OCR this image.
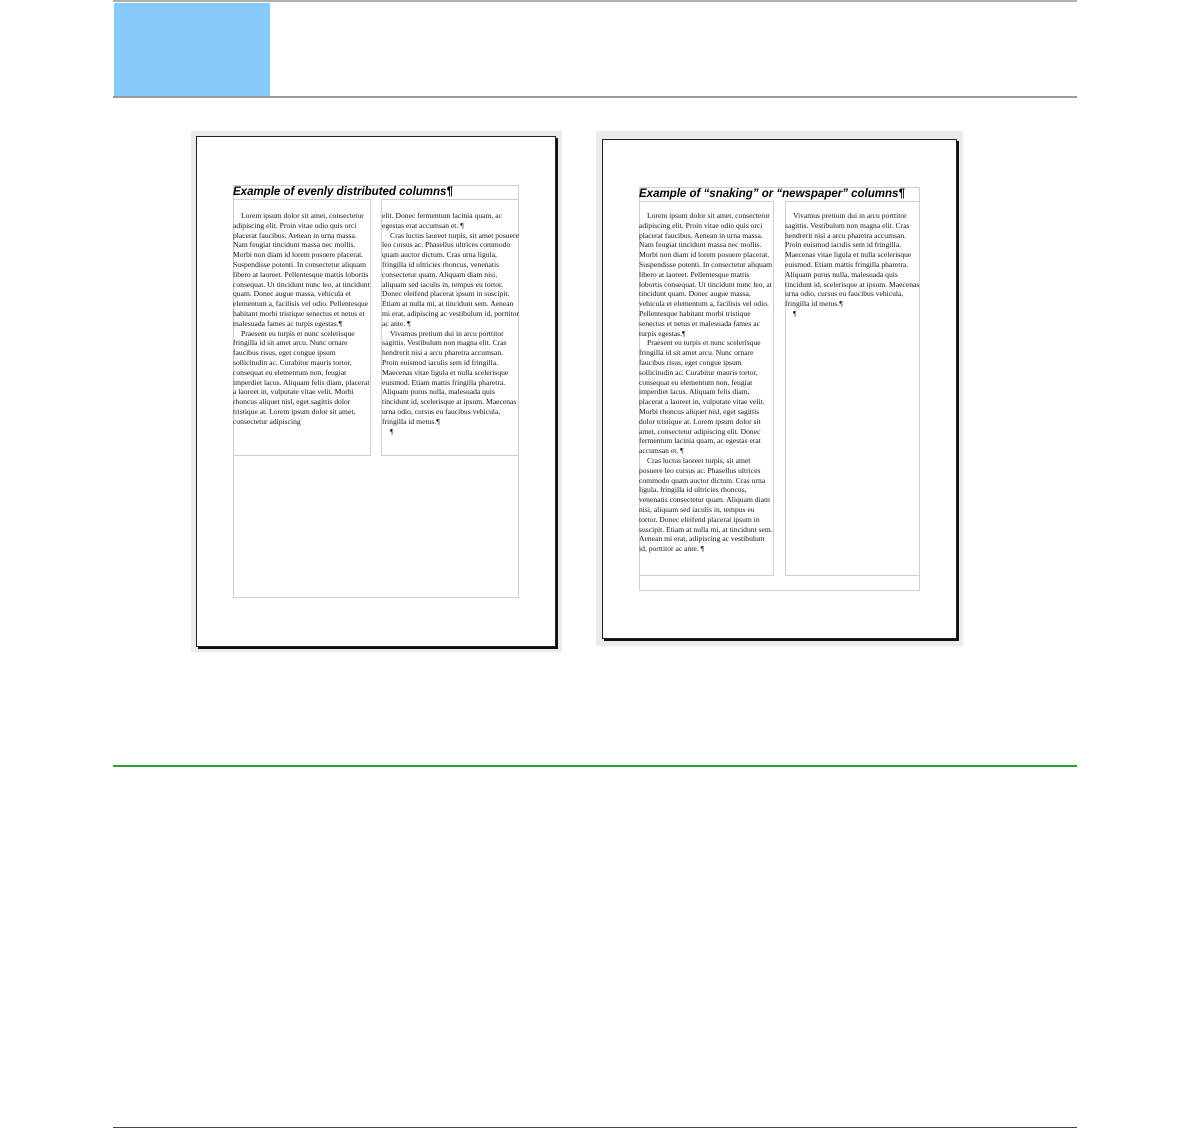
Example of evenly distributed columns¶

Lorem ipsum dolor sit amet, consectetur adipiscing elit. Proin vitae odio quis orci placerat faucibus. Aenean in urna massa. Nam feugiat tincidunt massa nec mollis. Morbi non diam id lorem posuere placerat. Suspendisse potenti. In consectetur aliquam libero at laoreet. Pellentesque mattis lobortis consequat. Ut tincidunt nunc leo, at tincidunt quam. Donec augue massa, vehicula et elementum a, facilisis vel odio. Pellentesque habitant morbi tristique senectus et netus et malesuada fames ac turpis egestas.¶

Praesent eu turpis et nunc scelerisque fringilla id sit amet arcu. Nunc ornare faucibus risus, eget congue ipsum sollicitudin ac. Curabitur mauris tortor, consequat eu elementum non, feugiat imperdiet lacus. Aliquam felis diam, placerat a laoreet in, vulputate vitae velit. Morbi rhoncus aliquet nisl, eget sagittis dolor tristique at. Lorem ipsum dolor sit amet, consectetur adipiscing

elit. Donec fermentum lacinia quam, ac egestas erat accumsan et. ¶

Cras luctus laoreet turpis, sit amet posuere leo cursus ac. Phasellus ultrices commodo quam auctor dictum. Cras urna ligula, fringilla id ultricies rhoncus, venenatis consectetur quam. Aliquam diam nisi, aliquam sed iaculis in, tempus eu tortor. Donec eleifend placerat ipsum in suscipit. Etiam at nulla mi, at tincidunt sem. Aenean mi erat, adipiscing ac vestibulum id, porttitor ac ante. ¶

Vivamus pretium dui in arcu porttitor sagittis. Vestibulum non magna elit. Cras hendrerit nisi a arcu pharetra accumsan. Proin euismod iaculis sem id fringilla. Maecenas vitae ligula et nulla scelerisque euismod. Etiam mattis fringilla pharetra. Aliquam purus nulla, malesuada quis tincidunt id, scelerisque at ipsum. Maecenas urna odio, cursus eu faucibus vehicula, fringilla id metus.¶

¶

Example of “snaking” or “newspaper” columns¶

Lorem ipsum dolor sit amet, consectetur adipiscing elit. Proin vitae odio quis orci placerat faucibus. Aenean in urna massa. Nam feugiat tincidunt massa nec mollis. Morbi non diam id lorem posuere placerat. Suspendisse potenti. In consectetur aliquam libero at laoreet. Pellentesque mattis lobortis consequat. Ut tincidunt nunc leo, at tincidunt quam. Donec augue massa, vehicula et elementum a, facilisis vel odio. Pellentesque habitant morbi tristique senectus et netus et malesuada fames ac turpis egestas.¶

Praesent eu turpis et nunc scelerisque fringilla id sit amet arcu. Nunc ornare faucibus risus, eget congue ipsum sollicitudin ac. Curabitur mauris tortor, consequat eu elementum non, feugiat imperdiet lacus. Aliquam felis diam, placerat a laoreet in, vulputate vitae velit. Morbi rhoncus aliquet nisl, eget sagittis dolor tristique at. Lorem ipsum dolor sit amet, consectetur adipiscing elit. Donec fermentum lacinia quam, ac egestas erat accumsan et. ¶

Cras luctus laoreet turpis, sit amet posuere leo cursus ac. Phasellus ultrices commodo quam auctor dictum. Cras urna ligula, fringilla id ultricies rhoncus, venenatis consectetur quam. Aliquam diam nisi, aliquam sed iaculis in, tempus eu tortor. Donec eleifend placerat ipsum in suscipit. Etiam at nulla mi, at tincidunt sem. Aenean mi erat, adipiscing ac vestibulum id, porttitor ac ante. ¶

Vivamus pretium dui in arcu porttitor sagittis. Vestibulum non magna elit. Cras hendrerit nisi a arcu pharetra accumsan. Proin euismod iaculis sem id fringilla. Maecenas vitae ligula et nulla scelerisque euismod. Etiam mattis fringilla pharetra. Aliquam purus nulla, malesuada quis tincidunt id, scelerisque at ipsum. Maecenas urna odio, cursus eu faucibus vehicula, fringilla id metus.¶

¶
